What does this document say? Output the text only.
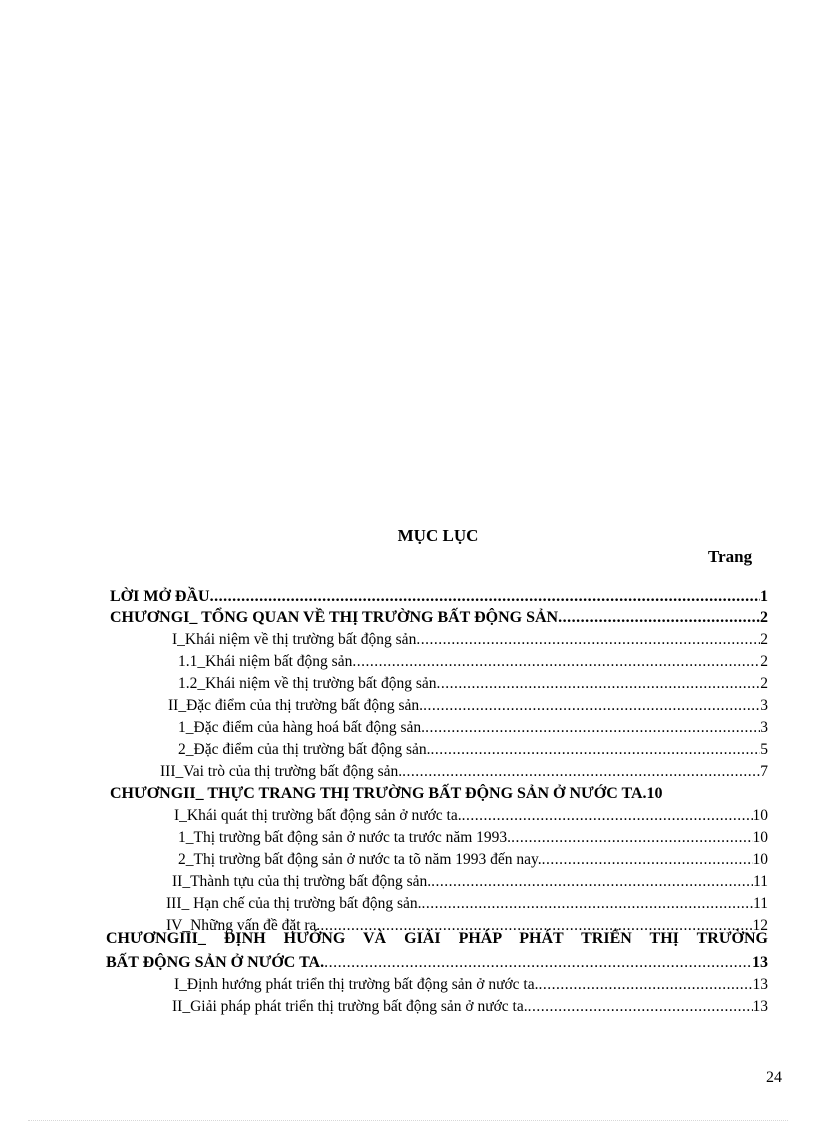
MỤC LỤC
Trang
LỜI MỞ ĐẦU .....	1
CHƯƠNGI_ TỔNG QUAN VỀ THỊ TRƯỜNG BẤT ĐỘNG SẢN .....	2
I_Khái niệm về thị trường bất động sản .....	2
1.1_Khái niệm bất động sản .....	2
1.2_Khái niệm về thị trường bất động sản .....	2
II_Đặc điểm của thị trường bất động sản. .....	3
1_Đặc điểm của hàng hoá bất động sản. .....	3
2_Đặc điểm của thị trường bất động sản. .....	5
III_Vai trò của thị trường bất động sản. .....	7
CHƯƠNGII_ THỰC TRANG THỊ TRƯỜNG BẤT ĐỘNG SẢN Ở NƯỚC TA. 10
I_Khái quát thị trường bất động sản ở nước ta. .....	10
1_Thị trường bất động sản ở nước ta trước năm 1993. .....	10
2_Thị trường bất động sản ở nước ta tõ năm 1993 đến nay. .....	10
II_Thành tựu của thị trường bất động sản. .....	11
III_ Hạn chế của thị trường bất động sản. .....	11
IV_Những vấn đề đặt ra. .....	12
CHƯƠNGIII_ ĐỊNH HƯỚNG VÀ GIẢI PHÁP PHÁT TRIỂN THỊ TRƯỜNG
BẤT ĐỘNG SẢN Ở NƯỚC TA. .....	13
I_Định hướng phát triển thị trường bất động sản ở nước ta. .....	13
II_Giải pháp phát triển thị trường bất động sản ở nước ta. .....	13
24
